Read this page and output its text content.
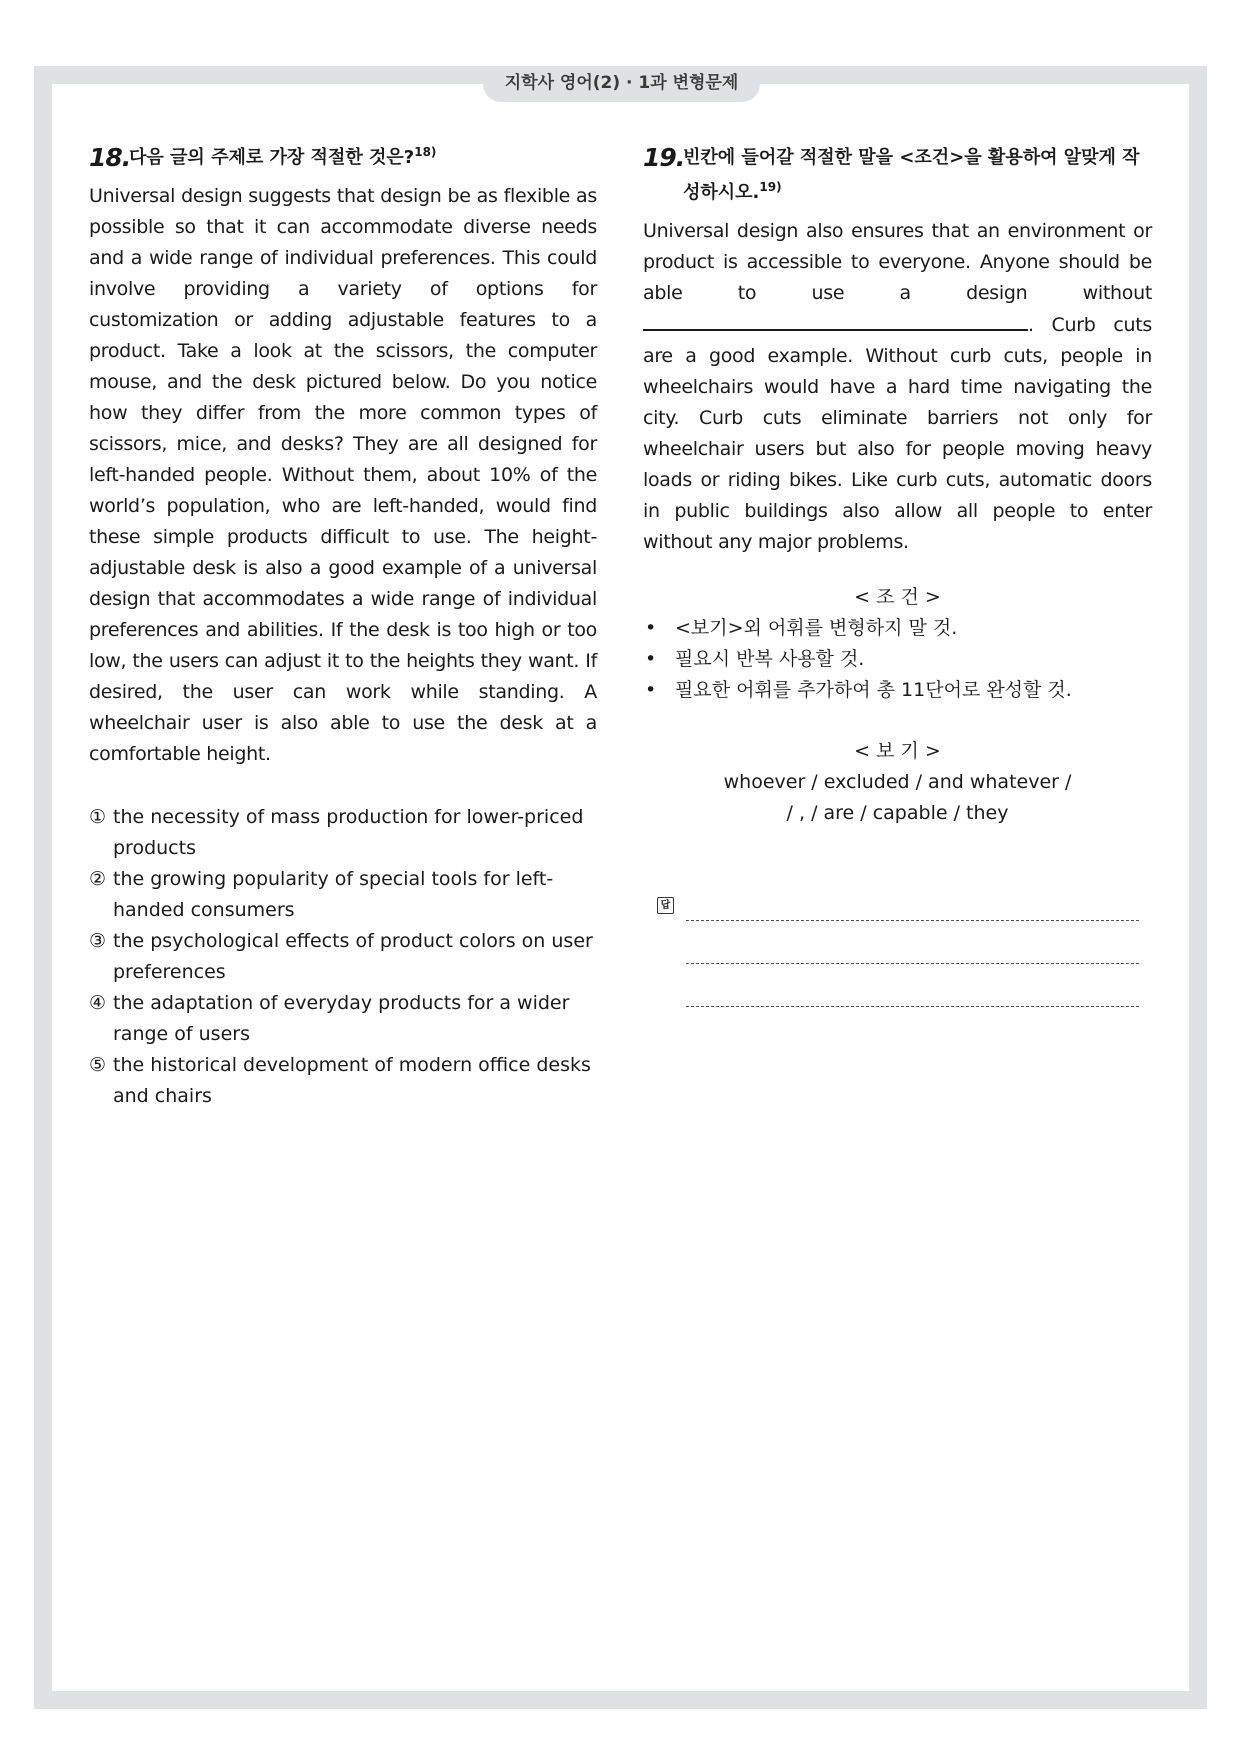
지학사 영어(2) · 1과 변형문제
18.
다음 글의 주제로 가장 적절한 것은?$^{18)}$
Universal design suggests that design be as flexible as possible so that it can accommodate diverse needs and a wide range of individual preferences. This could involve providing a variety of options for customization or adding adjustable features to a product. Take a look at the scissors, the computer mouse, and the desk pictured below. Do you notice how they differ from the more common types of scissors, mice, and desks? They are all designed for left-handed people. Without them, about 10% of the world’s population, who are left-handed, would find these simple products difficult to use. The height-adjustable desk is also a good example of a universal design that accommodates a wide range of individual preferences and abilities. If the desk is too high or too low, the users can adjust it to the heights they want. If desired, the user can work while standing. A wheelchair user is also able to use the desk at a comfortable height.
① the necessity of mass production for lower-priced products
② the growing popularity of special tools for left-handed consumers
③ the psychological effects of product colors on user preferences
④ the adaptation of everyday products for a wider range of users
⑤ the historical development of modern office desks and chairs
19.
빈칸에 들어갈 적절한 말을 <조건>을 활용하여 알맞게 작성하시오.$^{19)}$
Universal design also ensures that an environment or product is accessible to everyone. Anyone should be able to use a design without . Curb cuts are a good example. Without curb cuts, people in wheelchairs would have a hard time navigating the city. Curb cuts eliminate barriers not only for wheelchair users but also for people moving heavy loads or riding bikes. Like curb cuts, automatic doors in public buildings also allow all people to enter without any major problems.
< 조 건 >
• <보기>외 어휘를 변형하지 말 것.
• 필요시 반복 사용할 것.
• 필요한 어휘를 추가하여 총 11단어로 완성할 것.
< 보 기 >
whoever / excluded / and whatever /
/ , / are / capable / they
답
